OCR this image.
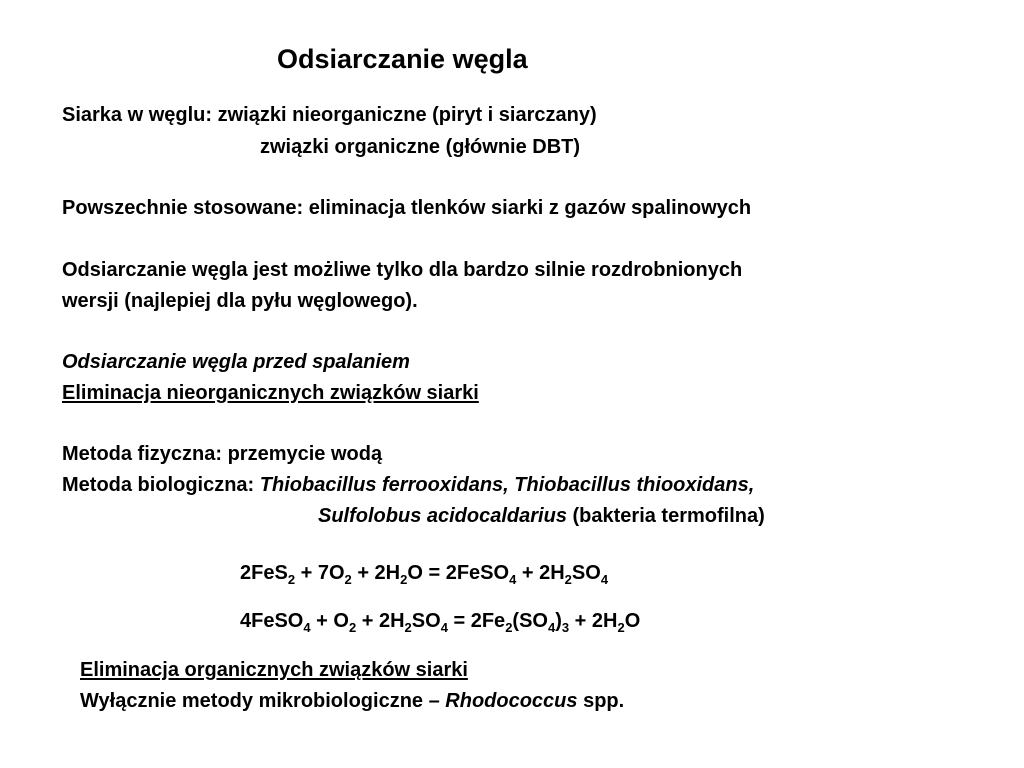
Odsiarczanie węgla
Siarka w węglu: związki nieorganiczne (piryt i siarczany)
związki organiczne (głównie DBT)
Powszechnie stosowane: eliminacja tlenków siarki z gazów spalinowych
Odsiarczanie węgla jest możliwe tylko dla bardzo silnie rozdrobnionych
wersji (najlepiej dla pyłu węglowego).
Odsiarczanie węgla przed spalaniem
Eliminacja nieorganicznych związków siarki
Metoda fizyczna: przemycie wodą
Metoda biologiczna: Thiobacillus ferrooxidans, Thiobacillus thiooxidans,
Sulfolobus acidocaldarius (bakteria termofilna)
$2FeS_2 + 7O_2 + 2H_2O$ = 2FeSO$_4$ + $2H_2SO_4$
4FeSO$_4$ + $O_2 + 2H_2SO_4 = 2Fe_2(SO_4)_3 + 2H_2O$
Eliminacja organicznych związków siarki
Wyłącznie metody mikrobiologiczne – Rhodococcus spp.
